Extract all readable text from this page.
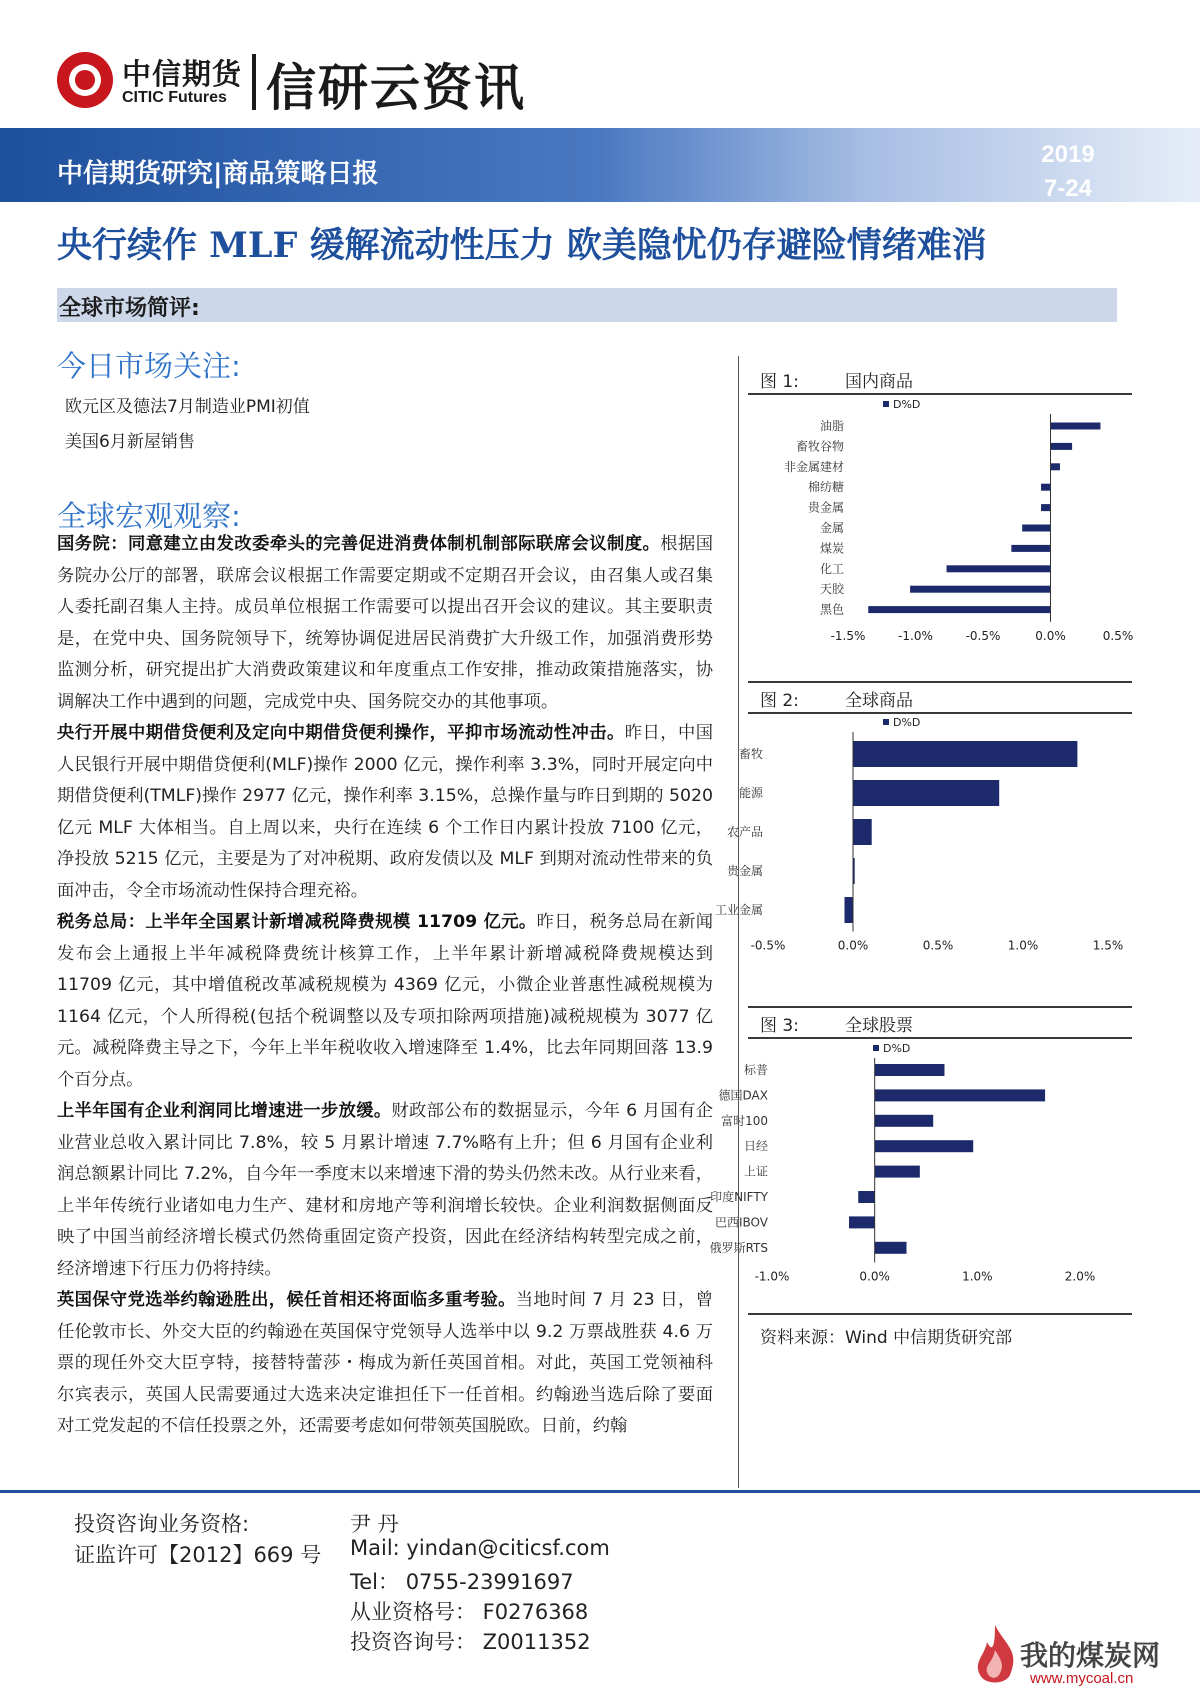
中信期货
CITIC Futures 信研云资讯
中信期货研究|商品策略日报
2019
7-24
央行续作 MLF 缓解流动性压力 欧美隐忧仍存避险情绪难消
全球市场简评:
今日市场关注:
欧元区及德法7月制造业PMI初值
美国6月新屋销售
全球宏观观察:

国务院：同意建立由发改委牵头的完善促进消费体制机制部际联席会议制度。根据国务院办公厅的部署，联席会议根据工作需要定期或不定期召开会议，由召集人或召集人委托副召集人主持。成员单位根据工作需要可以提出召开会议的建议。其主要职责是，在党中央、国务院领导下，统筹协调促进居民消费扩大升级工作，加强消费形势监测分析，研究提出扩大消费政策建议和年度重点工作安排，推动政策措施落实，协调解决工作中遇到的问题，完成党中央、国务院交办的其他事项。

央行开展中期借贷便利及定向中期借贷便利操作，平抑市场流动性冲击。昨日，中国人民银行开展中期借贷便利(MLF)操作 2000 亿元，操作利率 3.3%，同时开展定向中期借贷便利(TMLF)操作 2977 亿元，操作利率 3.15%，总操作量与昨日到期的 5020 亿元 MLF 大体相当。自上周以来，央行在连续 6 个工作日内累计投放 7100 亿元，净投放 5215 亿元，主要是为了对冲税期、政府发债以及 MLF 到期对流动性带来的负面冲击，令全市场流动性保持合理充裕。

税务总局：上半年全国累计新增减税降费规模 11709 亿元。昨日，税务总局在新闻发布会上通报上半年减税降费统计核算工作，上半年累计新增减税降费规模达到 11709 亿元，其中增值税改革减税规模为 4369 亿元，小微企业普惠性减税规模为 1164 亿元，个人所得税(包括个税调整以及专项扣除两项措施)减税规模为 3077 亿元。减税降费主导之下，今年上半年税收收入增速降至 1.4%，比去年同期回落 13.9 个百分点。

上半年国有企业利润同比增速进一步放缓。财政部公布的数据显示，今年 6 月国有企业营业总收入累计同比 7.8%，较 5 月累计增速 7.7%略有上升；但 6 月国有企业利润总额累计同比 7.2%，自今年一季度末以来增速下滑的势头仍然未改。从行业来看，上半年传统行业诸如电力生产、建材和房地产等利润增长较快。企业利润数据侧面反映了中国当前经济增长模式仍然倚重固定资产投资，因此在经济结构转型完成之前，经济增速下行压力仍将持续。

英国保守党选举约翰逊胜出，候任首相还将面临多重考验。当地时间 7 月 23 日，曾任伦敦市长、外交大臣的约翰逊在英国保守党领导人选举中以 9.2 万票战胜获 4.6 万票的现任外交大臣亨特，接替特蕾莎・梅成为新任英国首相。对此，英国工党领袖科尔宾表示，英国人民需要通过大选来决定谁担任下一任首相。约翰逊当选后除了要面对工党发起的不信任投票之外，还需要考虑如何带领英国脱欧。日前，约翰

图 1:	国内商品
D%D
油脂
畜牧谷物
非金属建材
棉纺糖
贵金属
金属
煤炭
化工
天胶
黑色
-1.5%	-1.0%	-0.5%	0.0%	0.5%
图 2:	全球商品
D%D
畜牧
能源
农产品
贵金属
工业金属
-0.5%	0.0%	0.5%	1.0%	1.5%
图 3:	全球股票
D%D
标普
德国DAX
富时100
日经
上证
印度NIFTY
巴西IBOV
俄罗斯RTS
-1.0%	0.0%	1.0%	2.0%
资料来源：Wind 中信期货研究部
投资咨询业务资格:
证监许可【2012】669 号
尹 丹
Mail: yindan@citicsf.com
Tel： 0755-23991697
从业资格号： F0276368
投资咨询号： Z0011352	我的煤炭网
www.mycoal.cn
